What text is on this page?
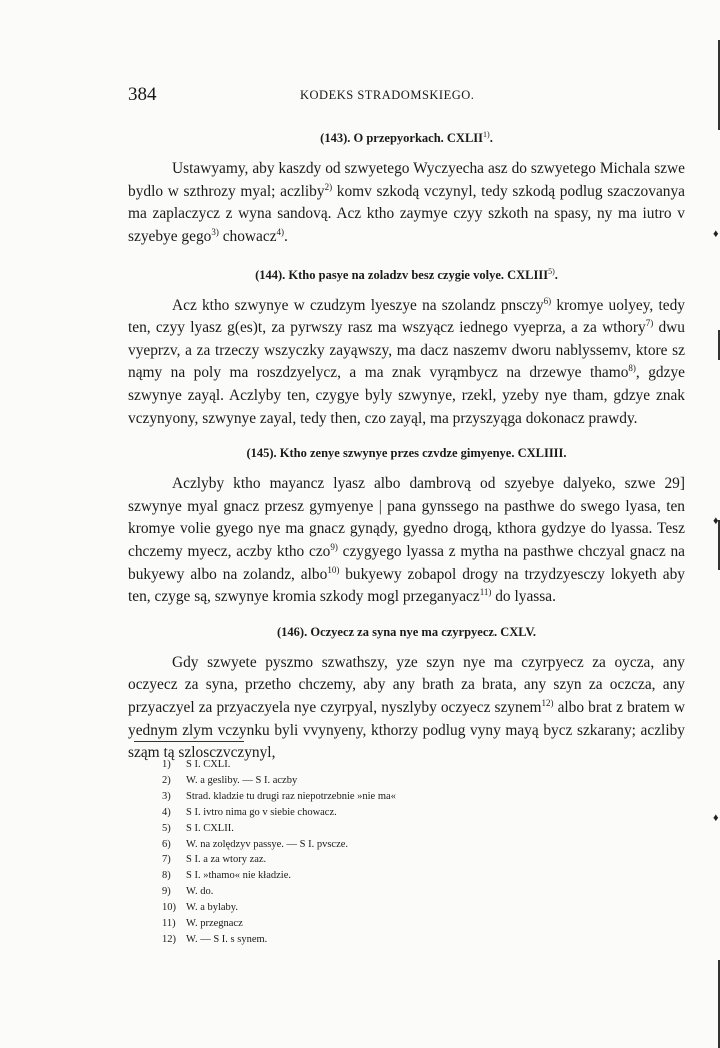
384	KODEKS STRADOMSKIEGO.
(143). O przepyorkach. CXLII$^{1)}$.

Ustawyamy, aby kaszdy od szwyetego Wyczyecha asz do szwyetego Michala szwe bydlo w szthrozy myal; aczliby$^{2)}$ komv szkodą vczynyl, tedy szkodą podlug szaczovanya ma zaplaczycz z wyna sandovą. Acz ktho zaymye czyy szkoth na spasy, ny ma iutro v szyebye gego$^{3)}$ chowacz$^{4)}$.

(144). Ktho pasye na zoladzv besz czygie volye. CXLIII$^{5)}$.

Acz ktho szwynye w czudzym lyeszye na szolandz pnsczy$^{6)}$ kromye uolyey, tedy ten, czyy lyasz g(es)t, za pyrwszy rasz ma wszyącz iednego vyeprza, a za wthory$^{7)}$ dwu vyeprzv, a za trzeczy wszyczky zayąwszy, ma dacz naszemv dworu nablyssemv, ktore sz nąmy na poly ma roszdzyelycz, a ma znak vyrąmbycz na drzewye thamo$^{8)}$, gdzye szwynye zayąl. Aczlyby ten, czygye byly szwynye, rzekl, yzeby nye tham, gdzye znak vczynyony, szwynye zayal, tedy then, czo zayąl, ma przyszyąga dokonacz prawdy.

(145). Ktho zenye szwynye przes czvdze gimyenye. CXLIIII.

Aczlyby ktho mayancz lyasz albo dambrovą od szyebye dalyeko, szwe 29] szwynye myal gnacz przesz gymyenye | pana gynssego na pasthwe do swego lyasa, ten kromye volie gyego nye ma gnacz gynądy, gyedno drogą, kthora gydzye do lyassa. Tesz chczemy myecz, aczby ktho czo$^{9)}$ czygyego lyassa z mytha na pasthwe chczyal gnacz na bukyewy albo na zolandz, albo$^{10)}$ bukyewy zobapol drogy na trzydzyesczy lokyeth aby ten, czyge są, szwynye kromia szkody mogl przeganyacz$^{11)}$ do lyassa.

(146). Oczyecz za syna nye ma czyrpyecz. CXLV.

Gdy szwyete pyszmo szwathszy, yze szyn nye ma czyrpyecz za oycza, any oczyecz za syna, przetho chczemy, aby any brath za brata, any szyn za oczcza, any przyaczyel za przyaczyela nye czyrpyal, nyszlyby oczyecz szynem$^{12)}$ albo brat z bratem w yednym zlym vczynku byli vvynyeny, kthorzy podlug vyny mayą bycz szkarany; aczliby sząm tą szlosczvczynyl,

1) S I. CXLI.
2) W. a gesliby. — S I. aczby
3) Strad. kladzie tu drugi raz niepotrzebnie »nie ma«
4) S I. ivtro nima go v siebie chowacz.
5) S I. CXLII.
6) W. na zolędzyv passye. — S I. pvscze.
7) S I. a za wtory zaz.
8) S I. »thamo« nie kładzie.
9) W. do.
10) W. a bylaby.
11) W. przegnacz
12) W. — S I. s synem.
♦
♦
♦
